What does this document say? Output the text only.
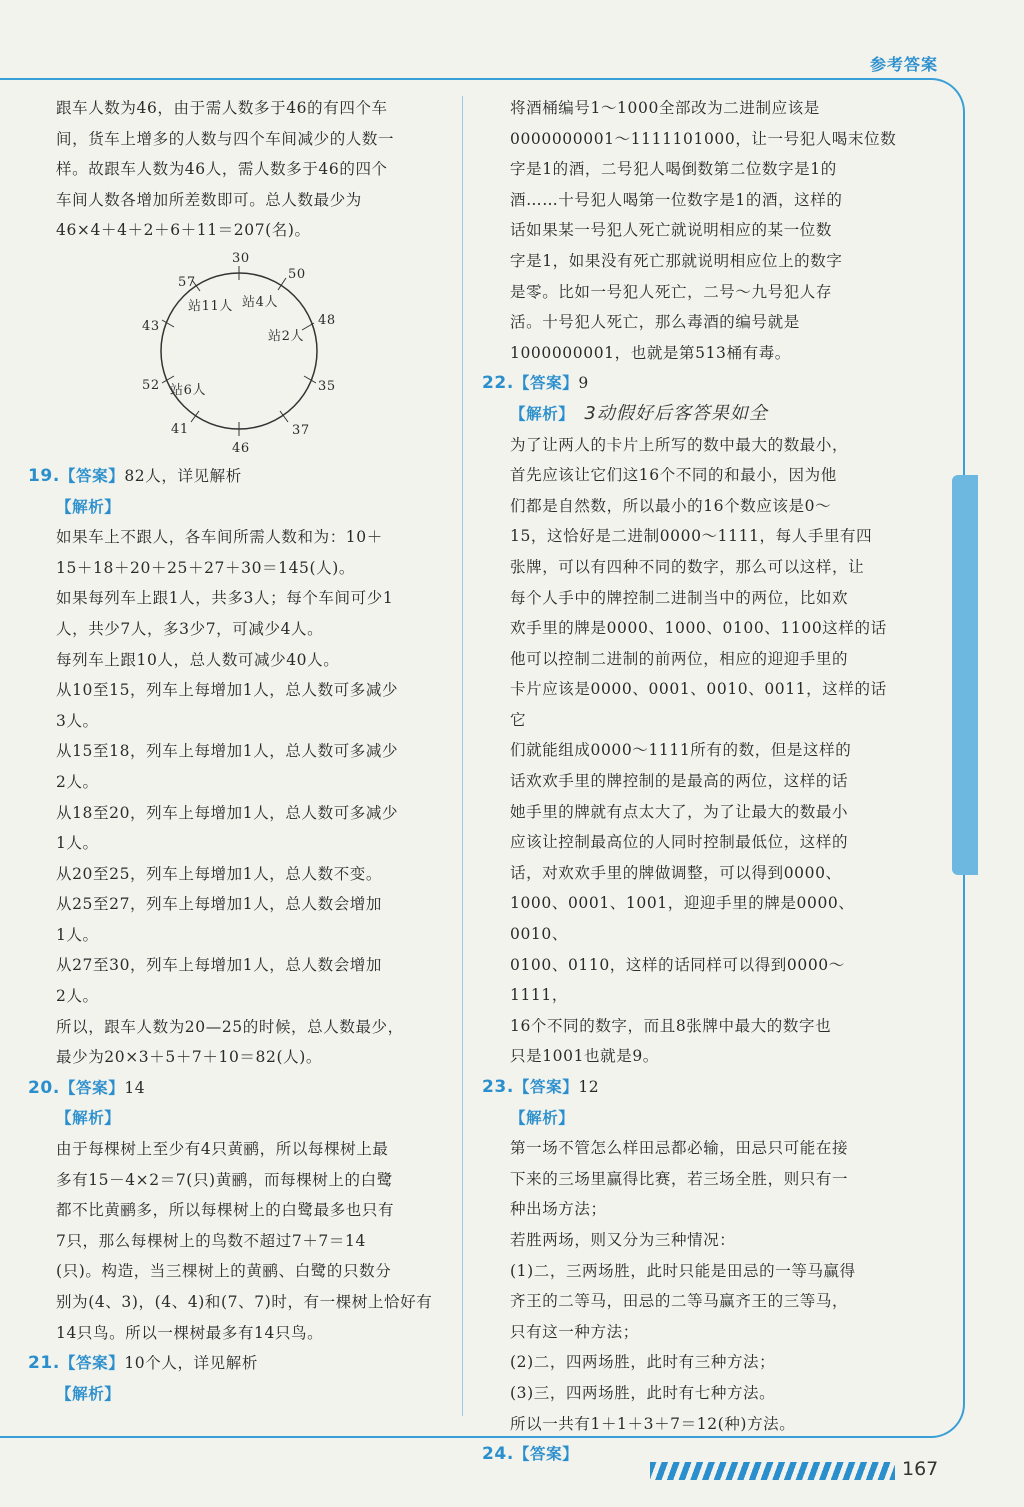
参考答案

跟车人数为46，由于需人数多于46的有四个车

间，货车上增多的人数与四个车间减少的人数一

样。故跟车人数为46人，需人数多于46的四个

车间人数各增加所差数即可。总人数最少为

46×4＋4＋2＋6＋11＝207(名)。

30
50
48
35
37
46
41
52
43
57
站11人 站4人
站2人
站6人

19.【答案】82人，详见解析

【解析】

如果车上不跟人，各车间所需人数和为：10＋

15＋18＋20＋25＋27＋30＝145(人)。

如果每列车上跟1人，共多3人；每个车间可少1

人，共少7人，多3少7，可减少4人。

每列车上跟10人，总人数可减少40人。

从10至15，列车上每增加1人，总人数可多减少

3人。

从15至18，列车上每增加1人，总人数可多减少

2人。

从18至20，列车上每增加1人，总人数可多减少

1人。

从20至25，列车上每增加1人，总人数不变。

从25至27，列车上每增加1人，总人数会增加

1人。

从27至30，列车上每增加1人，总人数会增加

2人。

所以，跟车人数为20—25的时候，总人数最少，

最少为20×3＋5＋7＋10＝82(人)。

20.【答案】14

【解析】

由于每棵树上至少有4只黄鹂，所以每棵树上最

多有15－4×2＝7(只)黄鹂，而每棵树上的白鹭

都不比黄鹂多，所以每棵树上的白鹭最多也只有

7只，那么每棵树上的鸟数不超过7＋7＝14

(只)。构造，当三棵树上的黄鹂、白鹭的只数分

别为(4、3)，(4、4)和(7、7)时，有一棵树上恰好有

14只鸟。所以一棵树最多有14只鸟。

21.【答案】10个人，详见解析

【解析】

将酒桶编号1～1000全部改为二进制应该是

0000000001～1111101000，让一号犯人喝末位数

字是1的酒，二号犯人喝倒数第二位数字是1的

酒……十号犯人喝第一位数字是1的酒，这样的

话如果某一号犯人死亡就说明相应的某一位数

字是1，如果没有死亡那就说明相应位上的数字

是零。比如一号犯人死亡，二号～九号犯人存

活。十号犯人死亡，那么毒酒的编号就是

1000000001，也就是第513桶有毒。

22.【答案】9

【解析】 3动假好后客答果如全

为了让两人的卡片上所写的数中最大的数最小，

首先应该让它们这16个不同的和最小，因为他

们都是自然数，所以最小的16个数应该是0～

15，这恰好是二进制0000～1111，每人手里有四

张牌，可以有四种不同的数字，那么可以这样，让

每个人手中的牌控制二进制当中的两位，比如欢

欢手里的牌是0000、1000、0100、1100这样的话

他可以控制二进制的前两位，相应的迎迎手里的

卡片应该是0000、0001、0010、0011，这样的话它

们就能组成0000～1111所有的数，但是这样的

话欢欢手里的牌控制的是最高的两位，这样的话

她手里的牌就有点太大了，为了让最大的数最小

应该让控制最高位的人同时控制最低位，这样的

话，对欢欢手里的牌做调整，可以得到0000、

1000、0001、1001，迎迎手里的牌是0000、0010、

0100、0110，这样的话同样可以得到0000～1111，

16个不同的数字，而且8张牌中最大的数字也

只是1001也就是9。

23.【答案】12

【解析】

第一场不管怎么样田忌都必输，田忌只可能在接

下来的三场里赢得比赛，若三场全胜，则只有一

种出场方法；

若胜两场，则又分为三种情况：

(1)二，三两场胜，此时只能是田忌的一等马赢得

齐王的二等马，田忌的二等马赢齐王的三等马，

只有这一种方法；

(2)二，四两场胜，此时有三种方法；

(3)三，四两场胜，此时有七种方法。

所以一共有1＋1＋3＋7＝12(种)方法。

24.【答案】

167
